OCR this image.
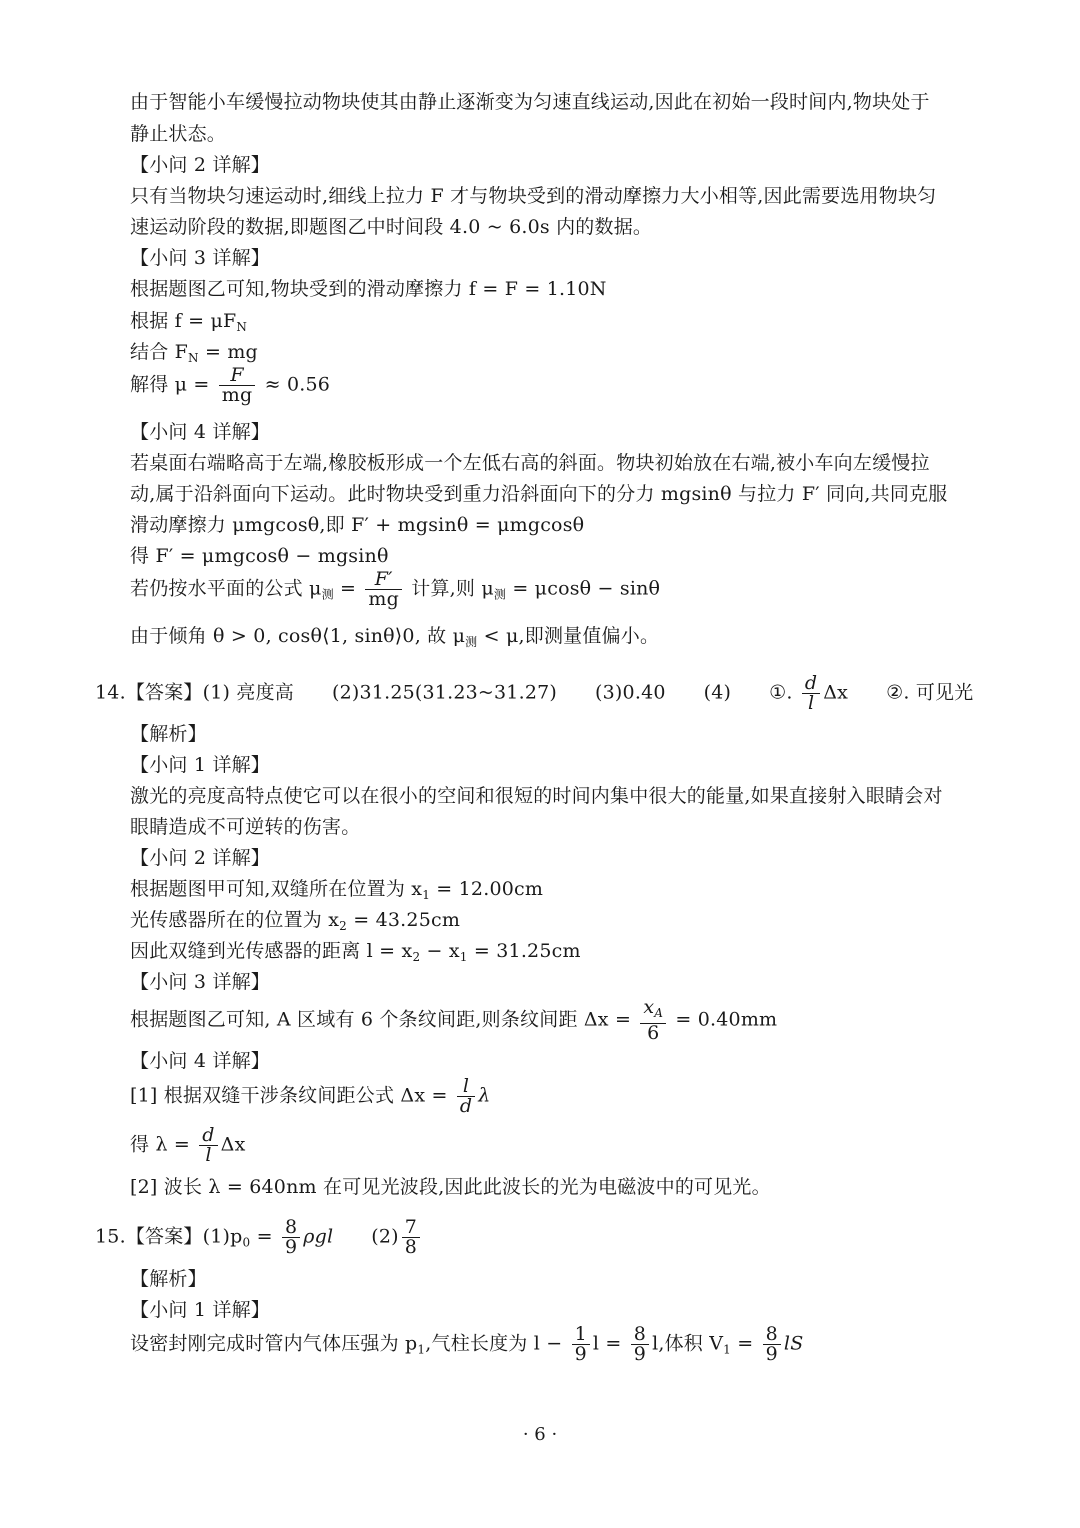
由于智能小车缓慢拉动物块使其由静止逐渐变为匀速直线运动,因此在初始一段时间内,物块处于
静止状态。
【小问 2 详解】
只有当物块匀速运动时,细线上拉力 F 才与物块受到的滑动摩擦力大小相等,因此需要选用物块匀
速运动阶段的数据,即题图乙中时间段 4.0 ~ 6.0s 内的数据。
【小问 3 详解】
根据题图乙可知,物块受到的滑动摩擦力 f = F = 1.10N
根据 $f = \mu F_N$
结合 $F_N$ = mg
解得 $\mu = \frac{F}{mg} \approx 0.56$
【小问 4 详解】
若桌面右端略高于左端,橡胶板形成一个左低右高的斜面。物块初始放在右端,被小车向左缓慢拉
动,属于沿斜面向下运动。此时物块受到重力沿斜面向下的分力 mgsinθ 与拉力 F′ 同向,共同克服
滑动摩擦力 μmgcosθ,即 F′ + mgsinθ = μmgcosθ
得 F′ = μmgcosθ − mgsinθ
若仍按水平面的公式 $\mu_测 = \frac{F'}{mg}$ 计算,则 $\mu_测 = \mu\cos\theta - \sin\theta$
由于倾角 θ > 0, cosθ⟨1, sinθ⟩0, 故 $\mu_测 < \mu$,即测量值偏小。
14.【答案】(1) 亮度高 (2)31.25(31.23~31.27) (3)0.40 (4) ①. $\frac{d}{l}$ Δx ②. 可见光
【解析】
【小问 1 详解】
激光的亮度高特点使它可以在很小的空间和很短的时间内集中很大的能量,如果直接射入眼睛会对
眼睛造成不可逆转的伤害。
【小问 2 详解】
根据题图甲可知,双缝所在位置为 $x_1 = 12.00cm$
光传感器所在的位置为 $x_2 = 43.25cm$
因此双缝到光传感器的距离 $l = x_2 - x_1 = 31.25cm$
【小问 3 详解】
根据题图乙可知, A 区域有 6 个条纹间距,则条纹间距 $\Delta x = \frac{x_A}{6} = 0.40mm$
【小问 4 详解】
[1] 根据双缝干涉条纹间距公式 $\Delta x = \frac{l}{d}$ λ
得 $\lambda = \frac{d}{l}$ Δx
[2] 波长 λ = 640nm 在可见光波段,因此此波长的光为电磁波中的可见光。
15.【答案】$(1)p_0 = \frac{8}{9}$ ρgl $(2) \frac{7}{8}$
【解析】
【小问 1 详解】
设密封刚完成时管内气体压强为 $p_1$,气柱长度为 $l - \frac{1}{9}$ $l = \frac{8}{9} l$,体积 $V_1 = \frac{8}{9}$ lS
· 6 ·
